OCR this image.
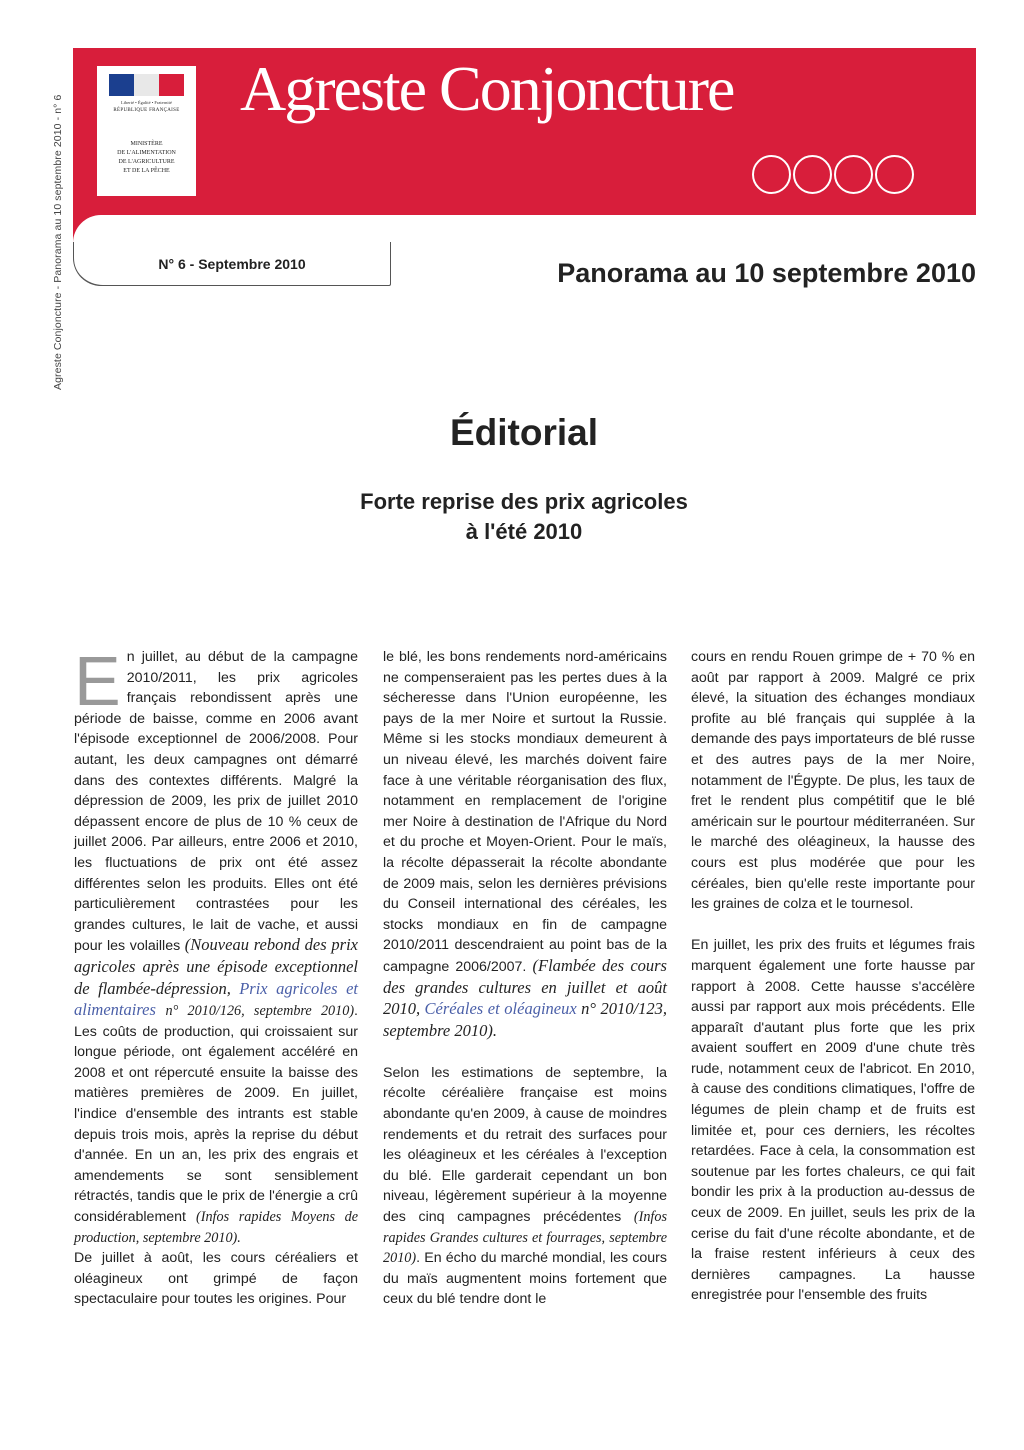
Agreste Conjoncture - Panorama au 10 septembre 2010 - n° 6	Liberté • Égalité • Fraternité
RÉPUBLIQUE FRANÇAISE
MINISTÈRE
DE L'ALIMENTATION
DE L'AGRICULTURE
ET DE LA PÊCHE
Agreste Conjoncture
N° 6 - Septembre 2010	Panorama au 10 septembre 2010
Éditorial
Forte reprise des prix agricoles
à l'été 2010

En juillet, au début de la campagne 2010/2011, les prix agricoles français rebondissent après une période de baisse, comme en 2006 avant l'épisode exceptionnel de 2006/2008. Pour autant, les deux campagnes ont démarré dans des contextes différents. Malgré la dépression de 2009, les prix de juillet 2010 dépassent encore de plus de 10 % ceux de juillet 2006. Par ailleurs, entre 2006 et 2010, les fluctuations de prix ont été assez différentes selon les produits. Elles ont été particulièrement contrastées pour les grandes cultures, le lait de vache, et aussi pour les volailles (Nouveau rebond des prix agricoles après une épisode exceptionnel de flambée-dépression, Prix agricoles et alimentaires n° 2010/126, septembre 2010). Les coûts de production, qui croissaient sur longue période, ont également accéléré en 2008 et ont répercuté ensuite la baisse des matières premières de 2009. En juillet, l'indice d'ensemble des intrants est stable depuis trois mois, après la reprise du début d'année. En un an, les prix des engrais et amendements se sont sensiblement rétractés, tandis que le prix de l'énergie a crû considérablement (Infos rapides Moyens de production, septembre 2010).

De juillet à août, les cours céréaliers et oléagineux ont grimpé de façon spectaculaire pour toutes les origines. Pour

le blé, les bons rendements nord-américains ne compenseraient pas les pertes dues à la sécheresse dans l'Union européenne, les pays de la mer Noire et surtout la Russie. Même si les stocks mondiaux demeurent à un niveau élevé, les marchés doivent faire face à une véritable réorganisation des flux, notamment en remplacement de l'origine mer Noire à destination de l'Afrique du Nord et du proche et Moyen-Orient. Pour le maïs, la récolte dépasserait la récolte abondante de 2009 mais, selon les dernières prévisions du Conseil international des céréales, les stocks mondiaux en fin de campagne 2010/2011 descendraient au point bas de la campagne 2006/2007. (Flambée des cours des grandes cultures en juillet et août 2010, Céréales et oléagineux n° 2010/123, septembre 2010).

Selon les estimations de septembre, la récolte céréalière française est moins abondante qu'en 2009, à cause de moindres rendements et du retrait des surfaces pour les oléagineux et les céréales à l'exception du blé. Elle garderait cependant un bon niveau, légèrement supérieur à la moyenne des cinq campagnes précédentes (Infos rapides Grandes cultures et fourrages, septembre 2010). En écho du marché mondial, les cours du maïs augmentent moins fortement que ceux du blé tendre dont le

cours en rendu Rouen grimpe de + 70 % en août par rapport à 2009. Malgré ce prix élevé, la situation des échanges mondiaux profite au blé français qui supplée à la demande des pays importateurs de blé russe et des autres pays de la mer Noire, notamment de l'Égypte. De plus, les taux de fret le rendent plus compétitif que le blé américain sur le pourtour méditerranéen. Sur le marché des oléagineux, la hausse des cours est plus modérée que pour les céréales, bien qu'elle reste importante pour les graines de colza et le tournesol.

En juillet, les prix des fruits et légumes frais marquent également une forte hausse par rapport à 2008. Cette hausse s'accélère aussi par rapport aux mois précédents. Elle apparaît d'autant plus forte que les prix avaient souffert en 2009 d'une chute très rude, notamment ceux de l'abricot. En 2010, à cause des conditions climatiques, l'offre de légumes de plein champ et de fruits est limitée et, pour ces derniers, les récoltes retardées. Face à cela, la consommation est soutenue par les fortes chaleurs, ce qui fait bondir les prix à la production au-dessus de ceux de 2009. En juillet, seuls les prix de la cerise du fait d'une récolte abondante, et de la fraise restent inférieurs à ceux des dernières campagnes. La hausse enregistrée pour l'ensemble des fruits
